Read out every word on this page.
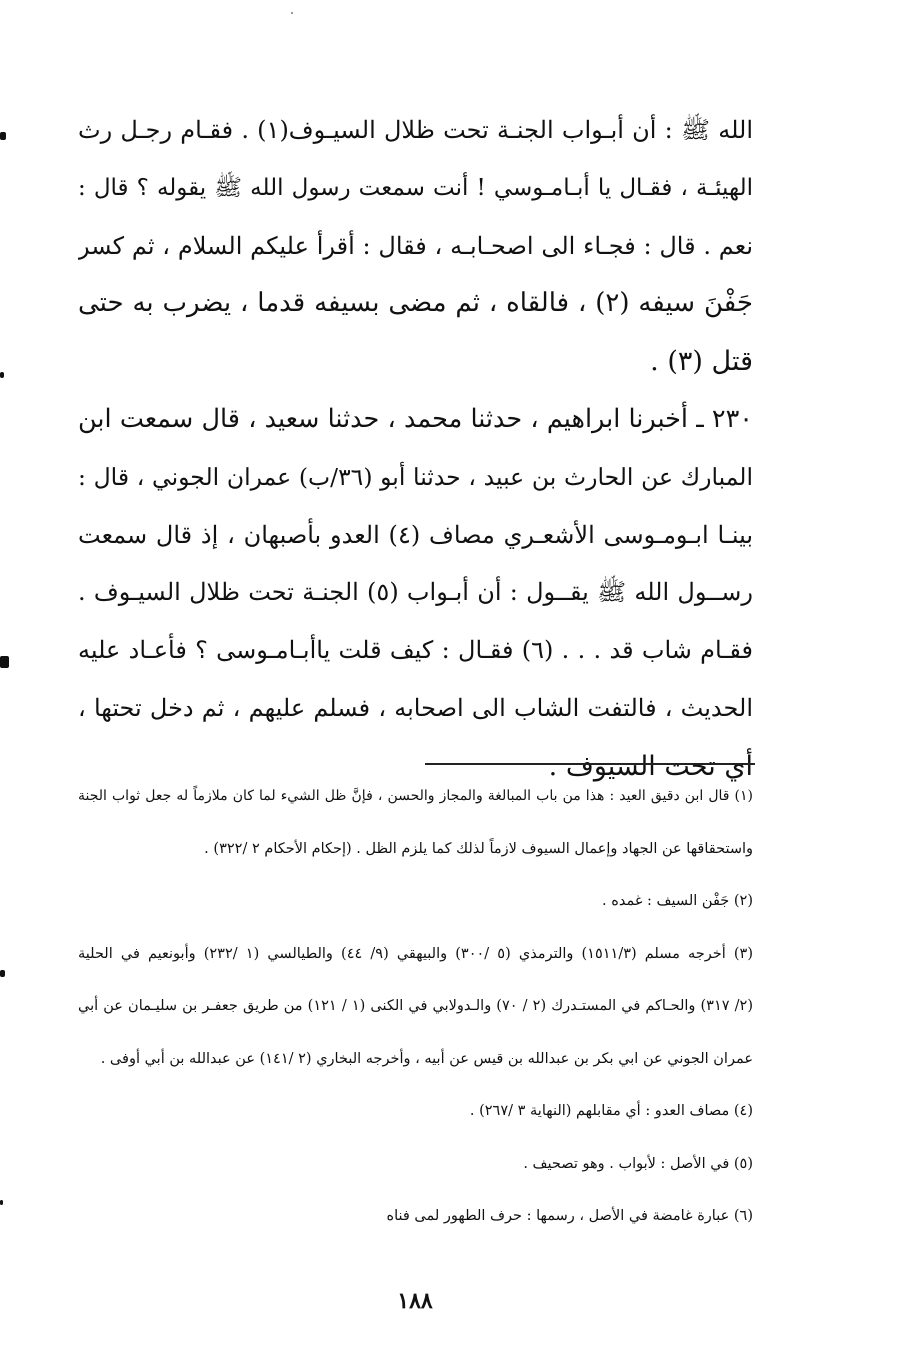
الله ﷺ : أن أبـواب الجنـة تحت ظلال السيـوف(١) . فقـام رجـل رث
الهيئـة ، فقـال يا أبـامـوسي ! أنت سمعت رسول الله ﷺ يقوله ؟ قال :
نعم . قال : فجـاء الى اصحـابـه ، فقال : أقرأ عليكم السلام ، ثم كسر
جَفْنَ سيفه (٢) ، فالقاه ، ثم مضى بسيفه قدما ، يضرب به حتى
قتل (٣) .
٢٣٠ ـ أخبرنا ابراهيم ، حدثنا محمد ، حدثنا سعيد ، قال سمعت ابن
المبارك عن الحارث بن عبيد ، حدثنا أبو (٣٦/ب) عمران الجوني ، قال :
بينـا ابـومـوسى الأشعـري مصاف (٤) العدو بأصبهان ، إذ قال سمعت
رســول الله ﷺ يقــول : أن أبـواب (٥) الجنـة تحت ظلال السيـوف .
فقـام شاب قد . . . (٦) فقـال : كيف قلت ياأبـامـوسى ؟ فأعـاد عليه
الحديث ، فالتفت الشاب الى اصحابه ، فسلم عليهم ، ثم دخل تحتها ،
أي تحت السيوف .
(١) قال ابن دقيق العيد : هذا من باب المبالغة والمجاز والحسن ، فإنَّ ظل الشيء لما كان ملازماً له جعل ثواب الجنة
واستحقاقها عن الجهاد وإعمال السيوف لازماً لذلك كما يلزم الظل . (إحكام الأحكام ٢ /٣٢٢) .
(٢) جَفْن السيف : غمده .
(٣) أخرجه مسلم (١٥١١/٣) والترمذي (٥ /٣٠٠) والبيهقي (٩/ ٤٤) والطيالسي (١ /٢٣٢) وأبونعيم في الحلية
(٢/ ٣١٧) والحـاكم في المستـدرك (٢ / ٧٠) والـدولابي في الكنى (١ / ١٢١) من طريق جعفـر بن سليـمان عن أبي
عمران الجوني عن ابي بكر بن عبدالله بن قيس عن أبيه ، وأخرجه البخاري (٢ /١٤١) عن عبدالله بن أبي أوفى .
(٤) مصاف العدو : أي مقابلهم (النهاية ٣ /٢٦٧) .
(٥) في الأصل : لأبواب . وهو تصحيف .
(٦) عبارة غامضة في الأصل ، رسمها : حرف الطهور لمى فناه
١٨٨
